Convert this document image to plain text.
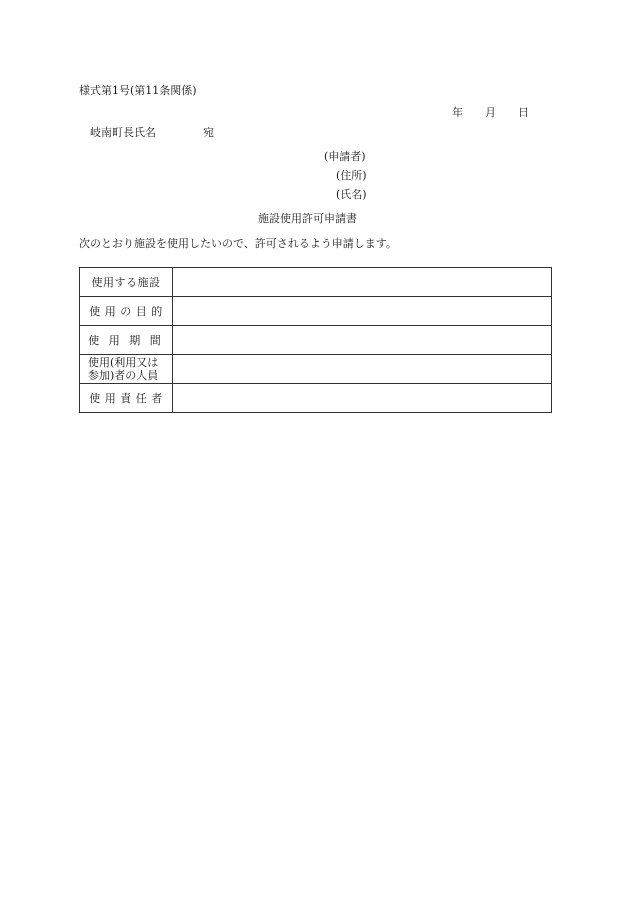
様式第1号(第11条関係)
年 月 日
岐南町長氏名	宛
(申請者)
(住所)
(氏名)
施設使用許可申請書
次のとおり施設を使用したいので、許可されるよう申請します。
使用する施設	
使 用 の 目 的	
使 用 期 間	

使用(利用又は
参加)者の人員	

使 用 責 任 者	
